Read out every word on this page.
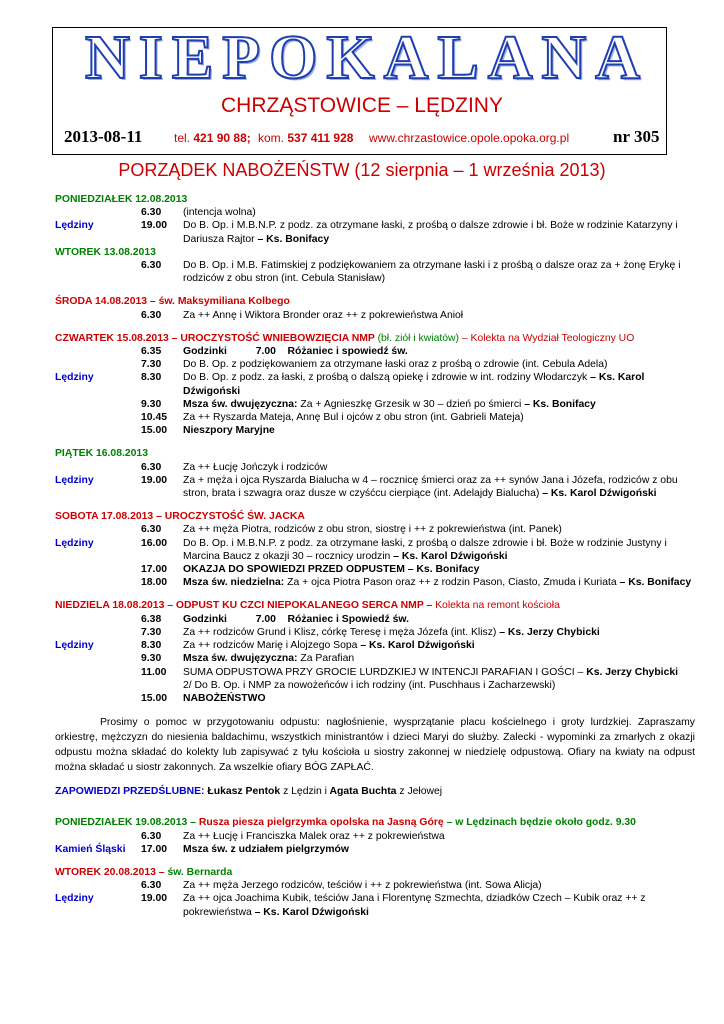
NIEPOKALANA
CHRZĄSTOWICE – LĘDZINY
2013-08-11	tel. 421 90 88; kom. 537 411 928 www.chrzastowice.opole.opoka.org.pl	nr 305
PORZĄDEK NABOŻEŃSTW (12 sierpnia – 1 września 2013)
PONIEDZIAŁEK 12.08.2013
6.30	(intencja wolna)
Lędziny	19.00	Do B. Op. i M.B.N.P. z podz. za otrzymane łaski, z prośbą o dalsze zdrowie i bł. Boże w rodzinie Katarzyny i Dariusza Rajtor – Ks. Bonifacy
WTOREK 13.08.2013
6.30	Do B. Op. i M.B. Fatimskiej z podziękowaniem za otrzymane łaski i z prośbą o dalsze oraz za + żonę Erykę i rodziców z obu stron (int. Cebula Stanisław)
ŚRODA 14.08.2013 – św. Maksymiliana Kolbego
6.30	Za ++ Annę i Wiktora Bronder oraz ++ z pokrewieństwa Anioł
CZWARTEK 15.08.2013 – UROCZYSTOŚĆ WNIEBOWZIĘCIA NMP (bł. ziół i kwiatów) – Kolekta na Wydział Teologiczny UO
6.35	Godzinki          7.00    Różaniec i spowiedź św.
7.30	Do B. Op. z podziękowaniem za otrzymane łaski oraz z prośbą o zdrowie (int. Cebula Adela)
Lędziny	8.30	Do B. Op. z podz. za łaski, z prośbą o dalszą opiekę i zdrowie w int. rodziny Włodarczyk – Ks. Karol Dźwigoński
9.30	Msza św. dwujęzyczna: Za + Agnieszkę Grzesik w 30 – dzień po śmierci – Ks. Bonifacy
10.45	Za ++ Ryszarda Mateja, Annę Bul i ojców z obu stron (int. Gabrieli Mateja)
15.00	Nieszpory Maryjne
PIĄTEK 16.08.2013
6.30	Za ++ Łucję Jończyk i rodziców
Lędziny	19.00	Za + męża i ojca Ryszarda Bialucha w 4 – rocznicę śmierci oraz za ++ synów Jana i Józefa, rodziców z obu stron, brata i szwagra oraz dusze w czyśćcu cierpiące (int. Adelajdy Bialucha) – Ks. Karol Dźwigoński
SOBOTA 17.08.2013 – UROCZYSTOŚĆ ŚW. JACKA
6.30	Za ++ męża Piotra, rodziców z obu stron, siostrę i ++ z pokrewieństwa (int. Panek)
Lędziny	16.00	Do B. Op. i M.B.N.P. z podz. za otrzymane łaski, z prośbą o dalsze zdrowie i bł. Boże w rodzinie Justyny i Marcina Baucz z okazji 30 – rocznicy urodzin – Ks. Karol Dźwigoński
17.00	OKAZJA DO SPOWIEDZI PRZED ODPUSTEM – Ks. Bonifacy
18.00	Msza św. niedzielna: Za + ojca Piotra Pason oraz ++ z rodzin Pason, Ciasto, Zmuda i Kuriata – Ks. Bonifacy
NIEDZIELA 18.08.2013 – ODPUST KU CZCI NIEPOKALANEGO SERCA NMP – Kolekta na remont kościoła
6.38	Godzinki          7.00    Różaniec i Spowiedź św.
7.30	Za ++ rodziców Grund i Klisz, córkę Teresę i męża Józefa (int. Klisz) – Ks. Jerzy Chybicki
Lędziny	8.30	Za ++ rodziców Marię i Alojzego Sopa – Ks. Karol Dźwigoński
9.30	Msza św. dwujęzyczna: Za Parafian
11.00	SUMA ODPUSTOWA PRZY GROCIE LURDZKIEJ W INTENCJI PARAFIAN I GOŚCI – Ks. Jerzy Chybicki
2/ Do B. Op. i NMP za nowożeńców i ich rodziny (int. Puschhaus i Zacharzewski)
15.00	NABOŻEŃSTWO
Prosimy o pomoc w przygotowaniu odpustu: nagłośnienie, wysprzątanie placu kościelnego i groty lurdzkiej. Zapraszamy orkiestrę, mężczyzn do niesienia baldachimu, wszystkich ministrantów i dzieci Maryi do służby. Zalecki - wypominki za zmarłych z okazji odpustu można składać do kolekty lub zapisywać z tyłu kościoła u siostry zakonnej w niedzielę odpustową. Ofiary na kwiaty na odpust można składać u siostr zakonnych. Za wszelkie ofiary BÓG ZAPŁAĆ.
ZAPOWIEDZI PRZEDŚLUBNE: Łukasz Pentok z Lędzin i Agata Buchta z Jełowej
PONIEDZIAŁEK 19.08.2013 – Rusza piesza pielgrzymka opolska na Jasną Górę – w Lędzinach będzie około godz. 9.30
6.30	Za ++ Łucję i Franciszka Malek oraz ++ z pokrewieństwa
Kamień Śląski	17.00	Msza św. z udziałem pielgrzymów
WTOREK 20.08.2013 – św. Bernarda
6.30	Za ++ męża Jerzego rodziców, teściów i ++ z pokrewieństwa (int. Sowa Alicja)
Lędziny	19.00	Za ++ ojca Joachima Kubik, teściów Jana i Florentynę Szmechta, dziadków Czech – Kubik oraz ++ z pokrewieństwa – Ks. Karol Dźwigoński
